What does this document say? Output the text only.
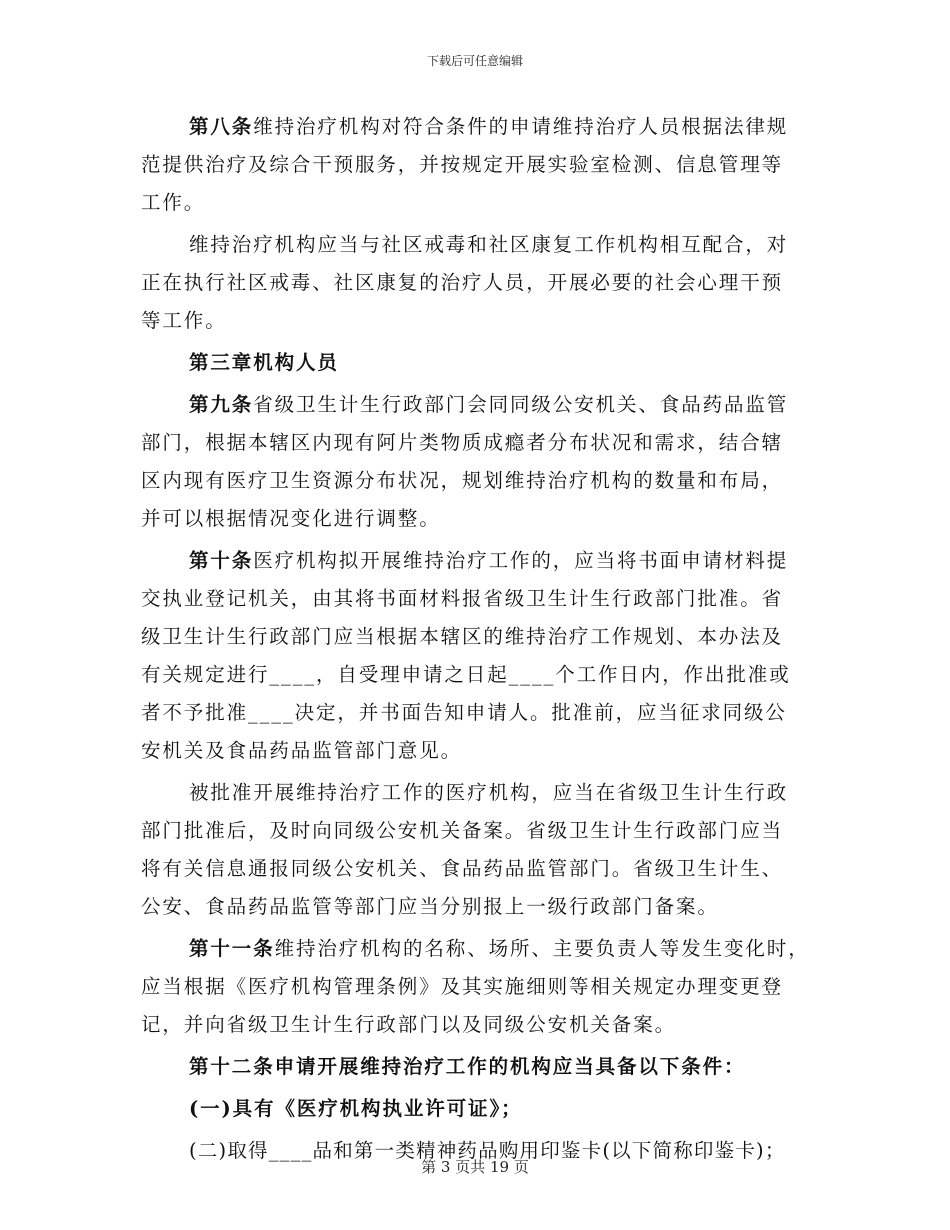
下载后可任意编辑
第八条维持治疗机构对符合条件的申请维持治疗人员根据法律规
范提供治疗及综合干预服务，并按规定开展实验室检测、信息管理等
工作。
维持治疗机构应当与社区戒毒和社区康复工作机构相互配合，对
正在执行社区戒毒、社区康复的治疗人员，开展必要的社会心理干预
等工作。
第三章机构人员
第九条省级卫生计生行政部门会同同级公安机关、食品药品监管
部门，根据本辖区内现有阿片类物质成瘾者分布状况和需求，结合辖
区内现有医疗卫生资源分布状况，规划维持治疗机构的数量和布局，
并可以根据情况变化进行调整。
第十条医疗机构拟开展维持治疗工作的，应当将书面申请材料提
交执业登记机关，由其将书面材料报省级卫生计生行政部门批准。省
级卫生计生行政部门应当根据本辖区的维持治疗工作规划、本办法及
有关规定进行____，自受理申请之日起____个工作日内，作出批准或
者不予批准____决定，并书面告知申请人。批准前，应当征求同级公
安机关及食品药品监管部门意见。
被批准开展维持治疗工作的医疗机构，应当在省级卫生计生行政
部门批准后，及时向同级公安机关备案。省级卫生计生行政部门应当
将有关信息通报同级公安机关、食品药品监管部门。省级卫生计生、
公安、食品药品监管等部门应当分别报上一级行政部门备案。
第十一条维持治疗机构的名称、场所、主要负责人等发生变化时，
应当根据《医疗机构管理条例》及其实施细则等相关规定办理变更登
记，并向省级卫生计生行政部门以及同级公安机关备案。
第十二条申请开展维持治疗工作的机构应当具备以下条件：
(一)具有《医疗机构执业许可证》；
(二)取得____品和第一类精神药品购用印鉴卡(以下简称印鉴卡)；
第 3 页共 19 页
